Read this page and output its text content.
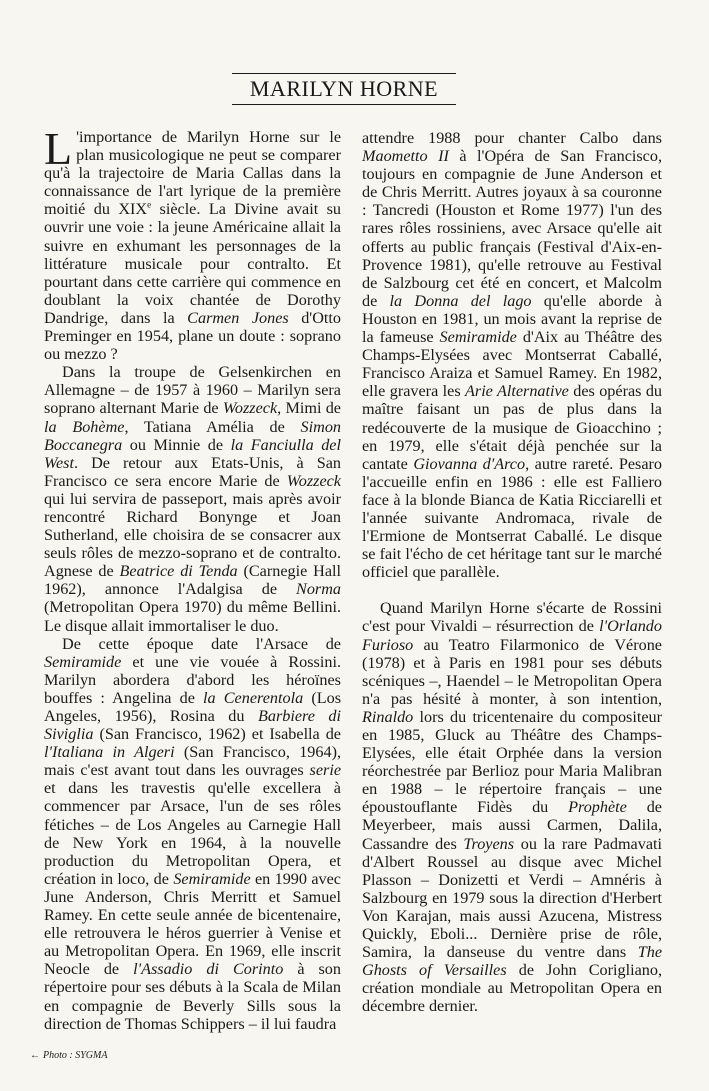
MARILYN HORNE

L 'importance de Marilyn Horne sur le plan musicologique ne peut se comparer qu'à la trajectoire de Maria Callas dans la connaissance de l'art lyrique de la première moitié du XIXe siècle. La Divine avait su ouvrir une voie : la jeune Américaine allait la suivre en exhumant les personnages de la littérature musicale pour contralto. Et pourtant dans cette carrière qui commence en doublant la voix chantée de Dorothy Dandrige, dans la Carmen Jones d'Otto Preminger en 1954, plane un doute : soprano ou mezzo ?

Dans la troupe de Gelsenkirchen en Allemagne – de 1957 à 1960 – Marilyn sera soprano alternant Marie de Wozzeck, Mimi de la Bohème, Tatiana Amélia de Simon Boccanegra ou Minnie de la Fanciulla del West. De retour aux Etats-Unis, à San Francisco ce sera encore Marie de Wozzeck qui lui servira de passeport, mais après avoir rencontré Richard Bonynge et Joan Sutherland, elle choisira de se consacrer aux seuls rôles de mezzo-soprano et de contralto. Agnese de Beatrice di Tenda (Carnegie Hall 1962), annonce l'Adalgisa de Norma (Metropolitan Opera 1970) du même Bellini. Le disque allait immortaliser le duo.

De cette époque date l'Arsace de Semiramide et une vie vouée à Rossini. Marilyn abordera d'abord les héroïnes bouffes : Angelina de la Cenerentola (Los Angeles, 1956), Rosina du Barbiere di Siviglia (San Francisco, 1962) et Isabella de l'Italiana in Algeri (San Francisco, 1964), mais c'est avant tout dans les ouvrages serie et dans les travestis qu'elle excellera à commencer par Arsace, l'un de ses rôles fétiches – de Los Angeles au Carnegie Hall de New York en 1964, à la nouvelle production du Metropolitan Opera, et création in loco, de Semiramide en 1990 avec June Anderson, Chris Merritt et Samuel Ramey. En cette seule année de bicentenaire, elle retrouvera le héros guerrier à Venise et au Metropolitan Opera. En 1969, elle inscrit Neocle de l'Assadio di Corinto à son répertoire pour ses débuts à la Scala de Milan en compagnie de Beverly Sills sous la direction de Thomas Schippers – il lui faudra

attendre 1988 pour chanter Calbo dans Maometto II à l'Opéra de San Francisco, toujours en compagnie de June Anderson et de Chris Merritt. Autres joyaux à sa couronne : Tancredi (Houston et Rome 1977) l'un des rares rôles rossiniens, avec Arsace qu'elle ait offerts au public français (Festival d'Aix-en-Provence 1981), qu'elle retrouve au Festival de Salzbourg cet été en concert, et Malcolm de la Donna del lago qu'elle aborde à Houston en 1981, un mois avant la reprise de la fameuse Semiramide d'Aix au Théâtre des Champs-Elysées avec Montserrat Caballé, Francisco Araiza et Samuel Ramey. En 1982, elle gravera les Arie Alternative des opéras du maître faisant un pas de plus dans la redécouverte de la musique de Gioacchino ; en 1979, elle s'était déjà penchée sur la cantate Giovanna d'Arco, autre rareté. Pesaro l'accueille enfin en 1986 : elle est Falliero face à la blonde Bianca de Katia Ricciarelli et l'année suivante Andromaca, rivale de l'Ermione de Montserrat Caballé. Le disque se fait l'écho de cet héritage tant sur le marché officiel que parallèle.

Quand Marilyn Horne s'écarte de Rossini c'est pour Vivaldi – résurrection de l'Orlando Furioso au Teatro Filarmonico de Vérone (1978) et à Paris en 1981 pour ses débuts scéniques –, Haendel – le Metropolitan Opera n'a pas hésité à monter, à son intention, Rinaldo lors du tricentenaire du compositeur en 1985, Gluck au Théâtre des Champs-Elysées, elle était Orphée dans la version réorchestrée par Berlioz pour Maria Malibran en 1988 – le répertoire français – une époustouflante Fidès du Prophète de Meyerbeer, mais aussi Carmen, Dalila, Cassandre des Troyens ou la rare Padmavati d'Albert Roussel au disque avec Michel Plasson – Donizetti et Verdi – Amnéris à Salzbourg en 1979 sous la direction d'Herbert Von Karajan, mais aussi Azucena, Mistress Quickly, Eboli... Dernière prise de rôle, Samira, la danseuse du ventre dans The Ghosts of Versailles de John Corigliano, création mondiale au Metropolitan Opera en décembre dernier.

← Photo : SYGMA
